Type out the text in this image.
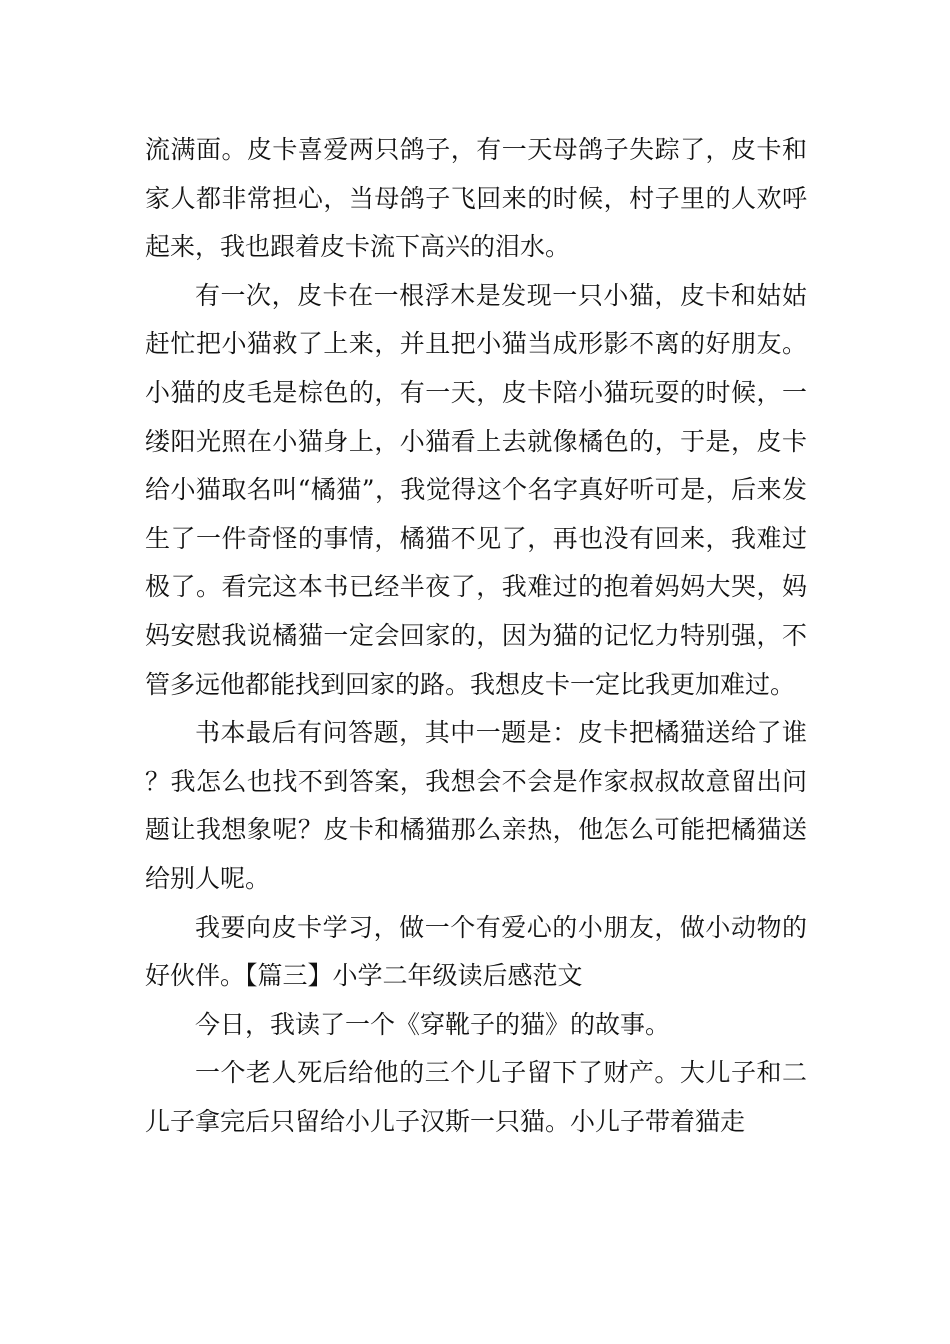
流满面。皮卡喜爱两只鸽子，有一天母鸽子失踪了，皮卡和家人都非常担心，当母鸽子飞回来的时候，村子里的人欢呼起来，我也跟着皮卡流下高兴的泪水。

有一次，皮卡在一根浮木是发现一只小猫，皮卡和姑姑赶忙把小猫救了上来，并且把小猫当成形影不离的好朋友。小猫的皮毛是棕色的，有一天，皮卡陪小猫玩耍的时候，一缕阳光照在小猫身上，小猫看上去就像橘色的，于是，皮卡给小猫取名叫“橘猫”，我觉得这个名字真好听可是，后来发生了一件奇怪的事情，橘猫不见了，再也没有回来，我难过极了。看完这本书已经半夜了，我难过的抱着妈妈大哭，妈妈安慰我说橘猫一定会回家的，因为猫的记忆力特别强，不管多远他都能找到回家的路。我想皮卡一定比我更加难过。

书本最后有问答题，其中一题是：皮卡把橘猫送给了谁？我怎么也找不到答案，我想会不会是作家叔叔故意留出问题让我想象呢？皮卡和橘猫那么亲热，他怎么可能把橘猫送给别人呢。

我要向皮卡学习，做一个有爱心的小朋友，做小动物的好伙伴。【篇三】小学二年级读后感范文

今日，我读了一个《穿靴子的猫》的故事。

一个老人死后给他的三个儿子留下了财产。大儿子和二儿子拿完后只留给小儿子汉斯一只猫。小儿子带着猫走
